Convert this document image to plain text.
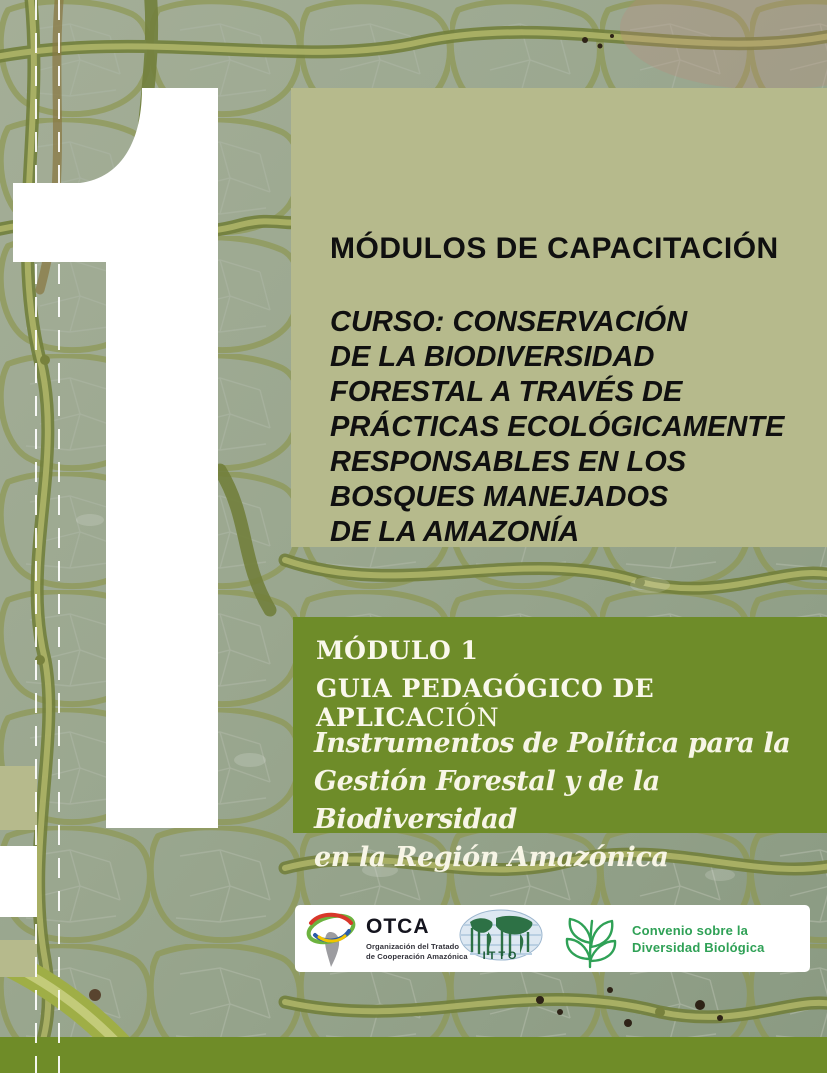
MÓDULOS DE CAPACITACIÓN
CURSO: CONSERVACIÓN
DE LA BIODIVERSIDAD
FORESTAL A TRAVÉS DE
PRÁCTICAS ECOLÓGICAMENTE
RESPONSABLES EN LOS
BOSQUES MANEJADOS
DE LA AMAZONÍA
MÓDULO 1
GUIA PEDAGÓGICO DE APLICACIÓN
Instrumentos de Política para la
Gestión Forestal y de la Biodiversidad
en la Región Amazónica
OTCA
Organización del Tratado
de Cooperación Amazónica	ITTO
Convenio sobre la
Diversidad Biológica
